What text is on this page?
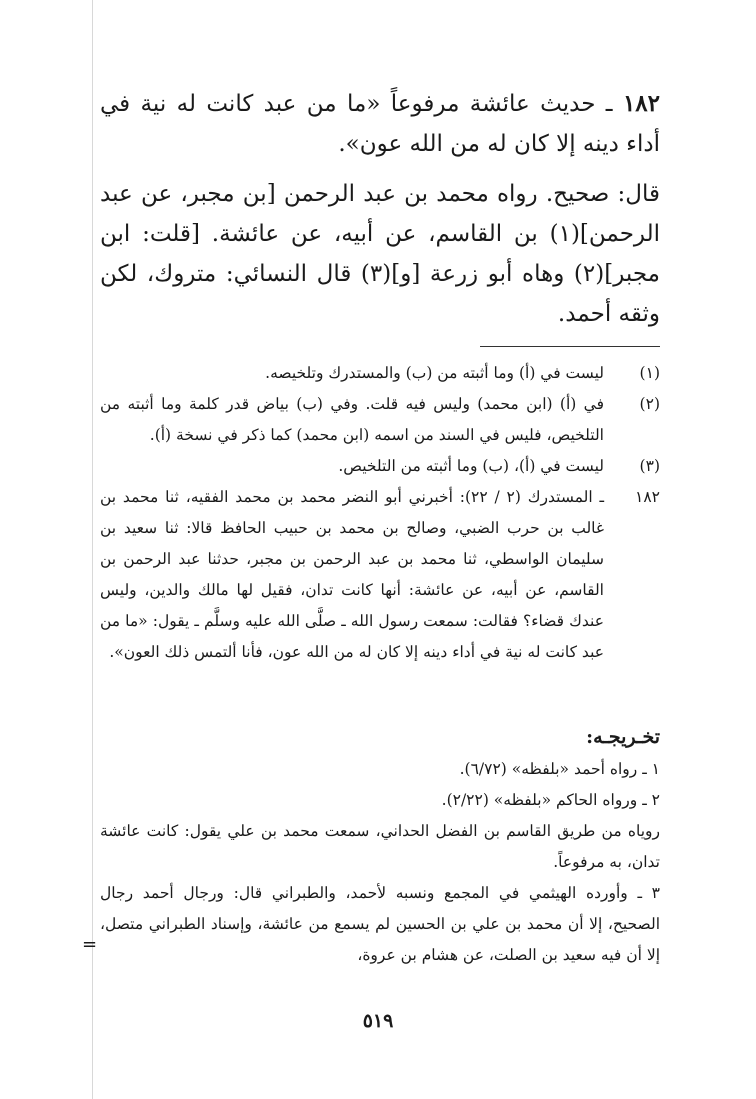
١٨٢ ـ حديث عائشة مرفوعاً «ما من عبد كانت له نية في أداء دينه إلا كان له من الله عون».
قال: صحيح. رواه محمد بن عبد الرحمن [بن مجبر، عن عبد الرحمن](١) بن القاسم، عن أبيه، عن عائشة. [قلت: ابن مجبر](٢) وهاه أبو زرعة [و](٣) قال النسائي: متروك، لكن وثقه أحمد.
(١)
ليست في (أ) وما أثبته من (ب) والمستدرك وتلخيصه.
(٢)
في (أ) (ابن محمد) وليس فيه قلت. وفي (ب) بياض قدر كلمة وما أثبته من التلخيص، فليس في السند من اسمه (ابن محمد) كما ذكر في نسخة (أ).
(٣)
ليست في (أ)، (ب) وما أثبته من التلخيص.
١٨٢
ـ المستدرك (٢ / ٢٢): أخبرني أبو النضر محمد بن محمد الفقيه، ثنا محمد بن غالب بن حرب الضبي، وصالح بن محمد بن حبيب الحافظ قالا: ثنا سعيد بن سليمان الواسطي، ثنا محمد بن عبد الرحمن بن مجبر، حدثنا عبد الرحمن بن القاسم، عن أبيه، عن عائشة: أنها كانت تدان، فقيل لها مالك والدين، وليس عندك قضاء؟ فقالت: سمعت رسول الله ـ صلَّى الله عليه وسلَّم ـ يقول: «ما من عبد كانت له نية في أداء دينه إلا كان له من الله عون، فأنا ألتمس ذلك العون».
تخـريجـه:
١ ـ رواه أحمد «بلفظه» (٦/٧٢).
٢ ـ ورواه الحاكم «بلفظه» (٢/٢٢).
روياه من طريق القاسم بن الفضل الحداني، سمعت محمد بن علي يقول: كانت عائشة تدان، به مرفوعاً.
٣ ـ وأورده الهيثمي في المجمع ونسبه لأحمد، والطبراني قال: ورجال أحمد رجال الصحيح، إلا أن محمد بن علي بن الحسين لم يسمع من عائشة، وإسناد الطبراني متصل، إلا أن فيه سعيد بن الصلت، عن هشام بن عروة،
=
٥١٩
